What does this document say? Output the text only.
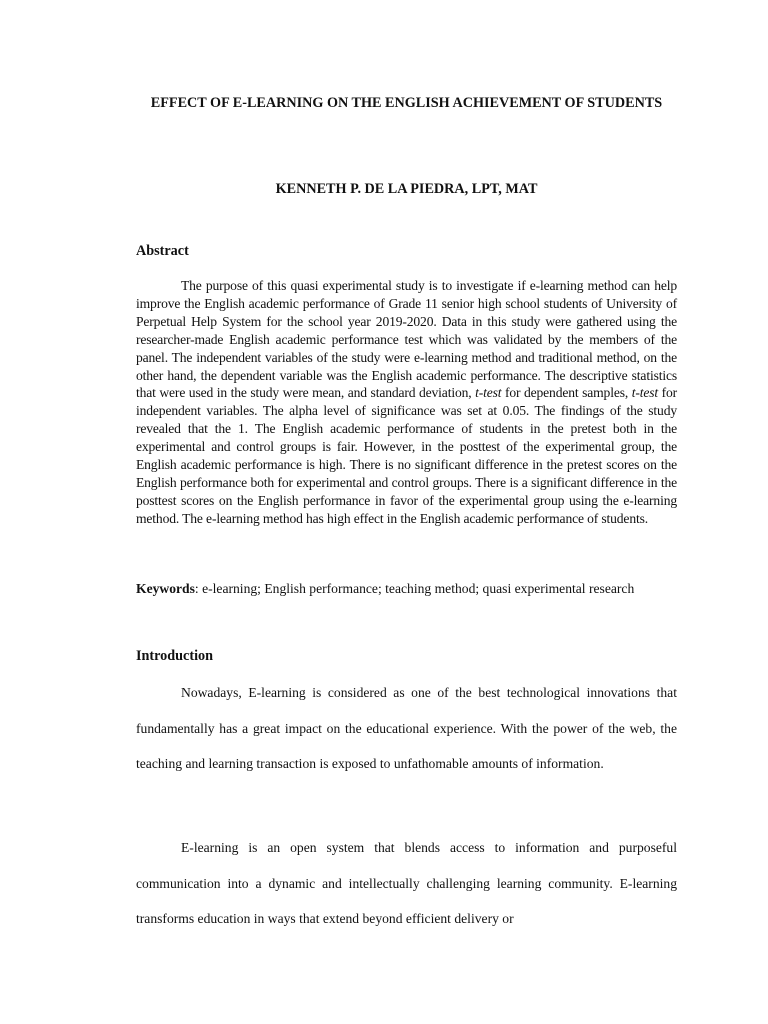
EFFECT OF E-LEARNING ON THE ENGLISH ACHIEVEMENT OF STUDENTS
KENNETH P. DE LA PIEDRA, LPT, MAT
Abstract
The purpose of this quasi experimental study is to investigate if e-learning method can help improve the English academic performance of Grade 11 senior high school students of University of Perpetual Help System for the school year 2019-2020. Data in this study were gathered using the researcher-made English academic performance test which was validated by the members of the panel. The independent variables of the study were e-learning method and traditional method, on the other hand, the dependent variable was the English academic performance. The descriptive statistics that were used in the study were mean, and standard deviation, t-test for dependent samples, t-test for independent variables. The alpha level of significance was set at 0.05. The findings of the study revealed that the 1. The English academic performance of students in the pretest both in the experimental and control groups is fair. However, in the posttest of the experimental group, the English academic performance is high. There is no significant difference in the pretest scores on the English performance both for experimental and control groups. There is a significant difference in the posttest scores on the English performance in favor of the experimental group using the e-learning method. The e-learning method has high effect in the English academic performance of students.
Keywords: e-learning; English performance; teaching method; quasi experimental research
Introduction
Nowadays, E-learning is considered as one of the best technological innovations that fundamentally has a great impact on the educational experience. With the power of the web, the teaching and learning transaction is exposed to unfathomable amounts of information.
E-learning is an open system that blends access to information and purposeful communication into a dynamic and intellectually challenging learning community. E-learning transforms education in ways that extend beyond efficient delivery or
